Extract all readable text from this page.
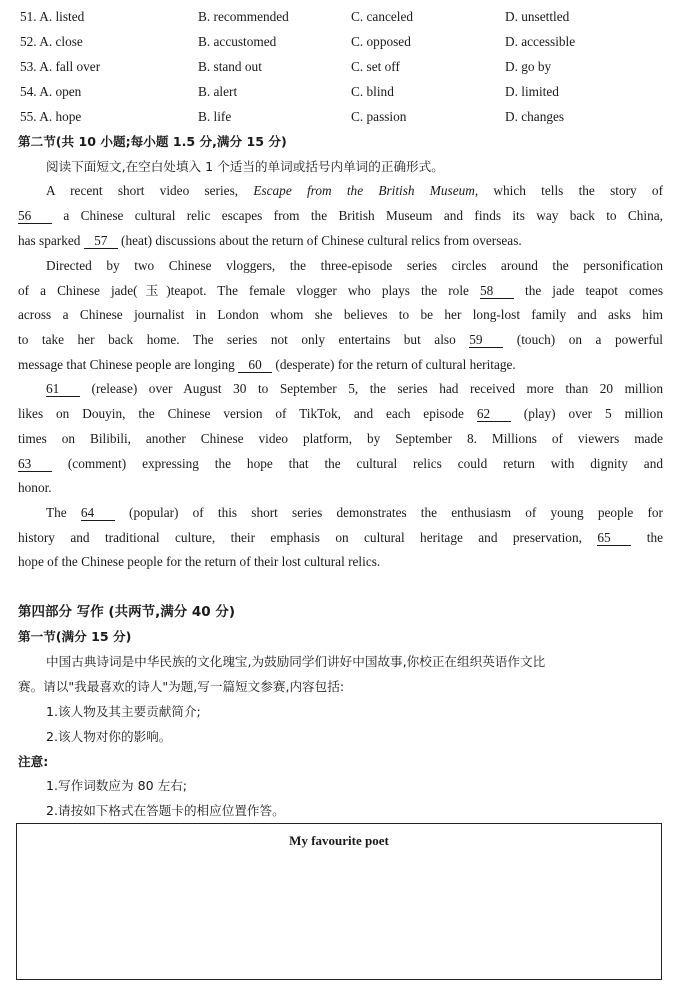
51. A. listed	B. recommended	C. canceled	D. unsettled
52. A. close	B. accustomed	C. opposed	D. accessible
53. A. fall over	B. stand out	C. set off	D. go by
54. A. open	B. alert	C. blind	D. limited
55. A. hope	B. life	C. passion	D. changes
第二节(共 10 小题;每小题 1.5 分,满分 15 分)
阅读下面短文,在空白处填入 1 个适当的单词或括号内单词的正确形式。
A recent short video series, Escape from the British Museum, which tells the story of
56 a Chinese cultural relic escapes from the British Museum and finds its way back to China,
has sparked 57 (heat) discussions about the return of Chinese cultural relics from overseas.
Directed by two Chinese vloggers, the three-episode series circles around the personification
of a Chinese jade(玉)teapot. The female vlogger who plays the role 58 the jade teapot comes
across a Chinese journalist in London whom she believes to be her long-lost family and asks him
to take her back home. The series not only entertains but also 59 (touch) on a powerful
message that Chinese people are longing 60 (desperate) for the return of cultural heritage.
61 (release) over August 30 to September 5, the series had received more than 20 million
likes on Douyin, the Chinese version of TikTok, and each episode 62 (play) over 5 million
times on Bilibili, another Chinese video platform, by September 8. Millions of viewers made
63 (comment) expressing the hope that the cultural relics could return with dignity and
honor.
The 64 (popular) of this short series demonstrates the enthusiasm of young people for
history and traditional culture, their emphasis on cultural heritage and preservation, 65 the
hope of the Chinese people for the return of their lost cultural relics.
第四部分 写作 (共两节,满分 40 分)
第一节(满分 15 分)
中国古典诗词是中华民族的文化瑰宝,为鼓励同学们讲好中国故事,你校正在组织英语作文比
赛。请以"我最喜欢的诗人"为题,写一篇短文参赛,内容包括:
1.该人物及其主要贡献简介;
2.该人物对你的影响。
注意:
1.写作词数应为 80 左右;
2.请按如下格式在答题卡的相应位置作答。
My favourite poet
